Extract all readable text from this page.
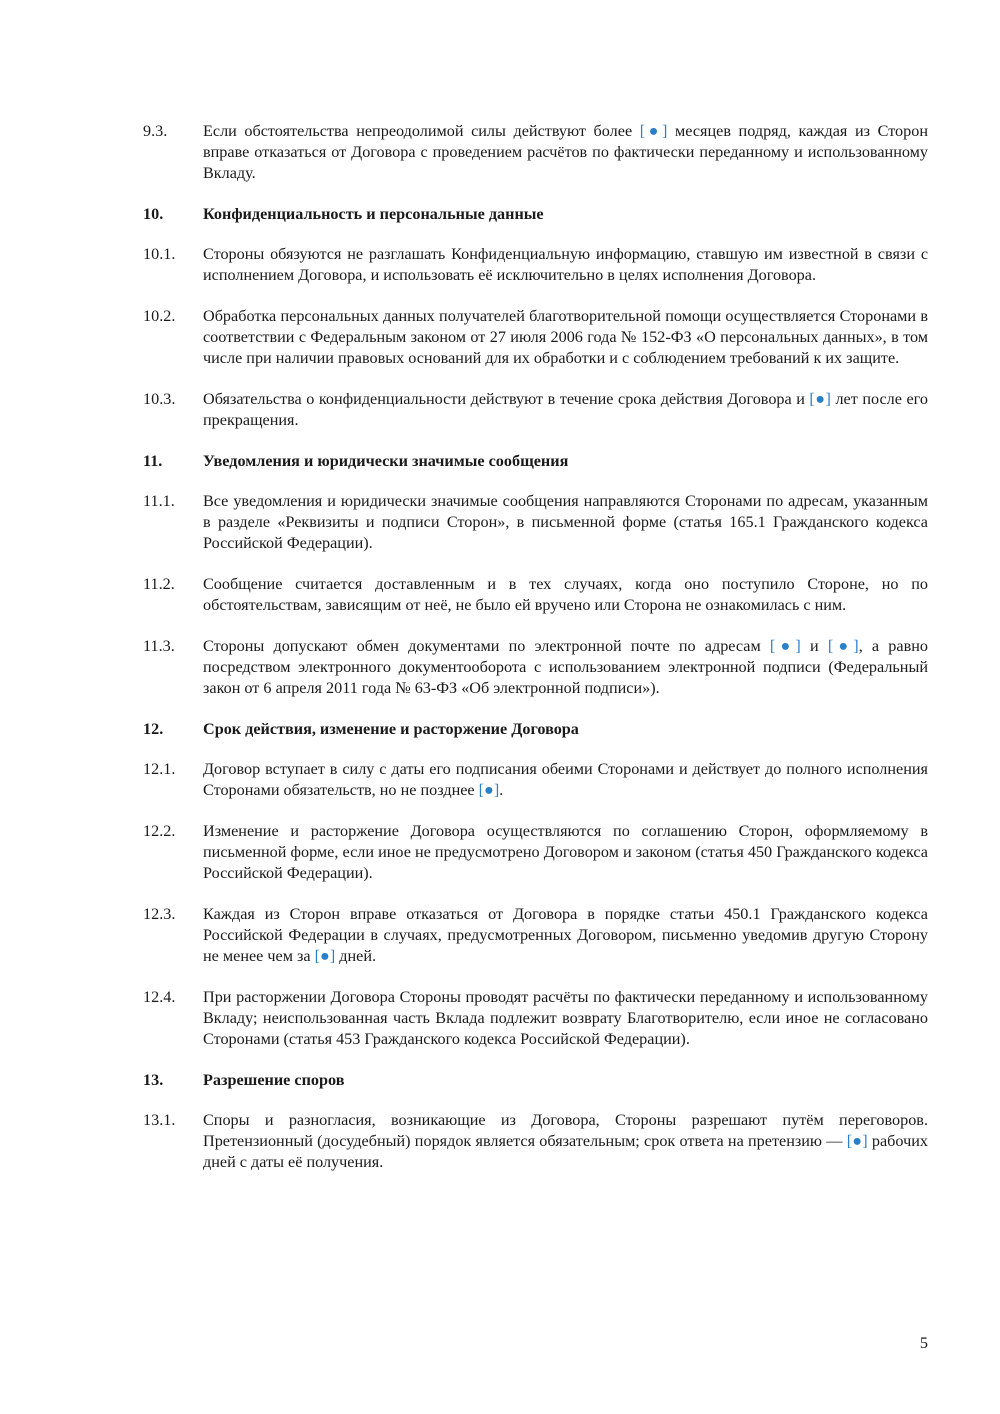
9.3.	Если обстоятельства непреодолимой силы действуют более [●] месяцев подряд, каждая из Сторон вправе отказаться от Договора с проведением расчётов по фактически переданному и использованному Вкладу.
10.	Конфиденциальность и персональные данные
10.1.	Стороны обязуются не разглашать Конфиденциальную информацию, ставшую им известной в связи с исполнением Договора, и использовать её исключительно в целях исполнения Договора.
10.2.	Обработка персональных данных получателей благотворительной помощи осуществляется Сторонами в соответствии с Федеральным законом от 27 июля 2006 года № 152-ФЗ «О персональных данных», в том числе при наличии правовых оснований для их обработки и с соблюдением требований к их защите.
10.3.	Обязательства о конфиденциальности действуют в течение срока действия Договора и [●] лет после его прекращения.
11.	Уведомления и юридически значимые сообщения
11.1.	Все уведомления и юридически значимые сообщения направляются Сторонами по адресам, указанным в разделе «Реквизиты и подписи Сторон», в письменной форме (статья 165.1 Гражданского кодекса Российской Федерации).
11.2.	Сообщение считается доставленным и в тех случаях, когда оно поступило Стороне, но по обстоятельствам, зависящим от неё, не было ей вручено или Сторона не ознакомилась с ним.
11.3.	Стороны допускают обмен документами по электронной почте по адресам [●] и [●], а равно посредством электронного документооборота с использованием электронной подписи (Федеральный закон от 6 апреля 2011 года № 63-ФЗ «Об электронной подписи»).
12.	Срок действия, изменение и расторжение Договора
12.1.	Договор вступает в силу с даты его подписания обеими Сторонами и действует до полного исполнения Сторонами обязательств, но не позднее [●].
12.2.	Изменение и расторжение Договора осуществляются по соглашению Сторон, оформляемому в письменной форме, если иное не предусмотрено Договором и законом (статья 450 Гражданского кодекса Российской Федерации).
12.3.	Каждая из Сторон вправе отказаться от Договора в порядке статьи 450.1 Гражданского кодекса Российской Федерации в случаях, предусмотренных Договором, письменно уведомив другую Сторону не менее чем за [●] дней.
12.4.	При расторжении Договора Стороны проводят расчёты по фактически переданному и использованному Вкладу; неиспользованная часть Вклада подлежит возврату Благотворителю, если иное не согласовано Сторонами (статья 453 Гражданского кодекса Российской Федерации).
13.	Разрешение споров
13.1.	Споры и разногласия, возникающие из Договора, Стороны разрешают путём переговоров. Претензионный (досудебный) порядок является обязательным; срок ответа на претензию — [●] рабочих дней с даты её получения.
5
